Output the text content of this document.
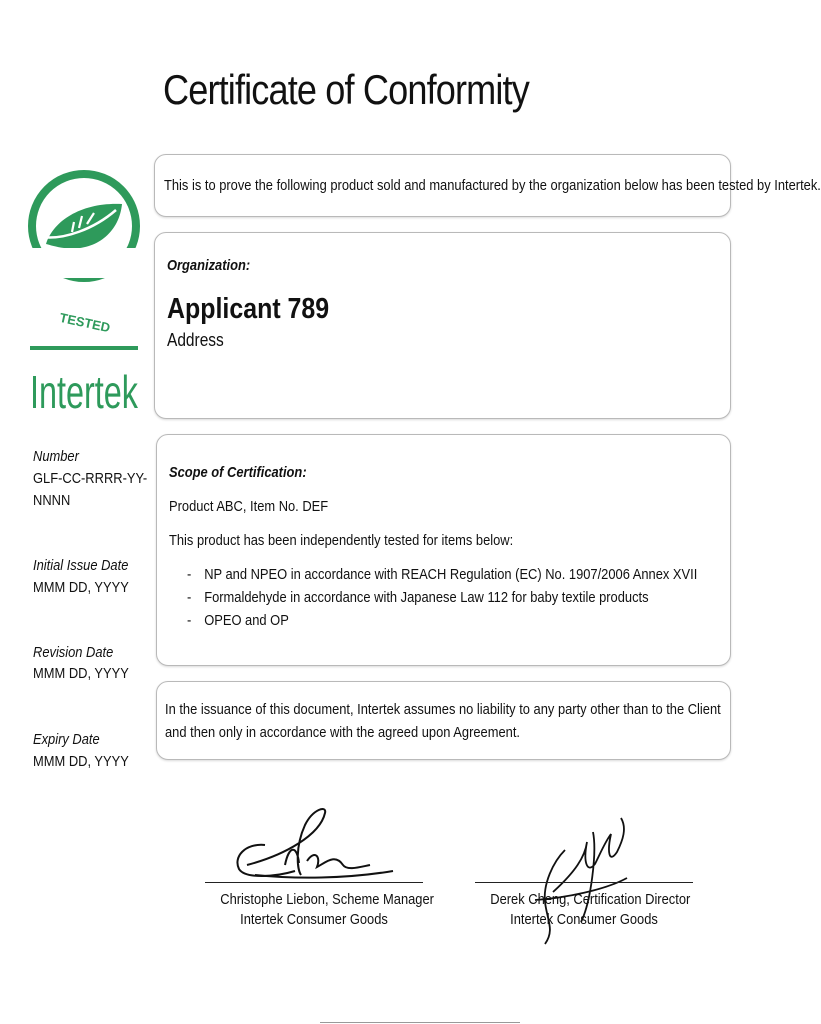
Certificate of Conformity
TESTED
Intertek
This is to prove the following product sold and manufactured by the organization below has been tested by Intertek.
Organization:
Applicant 789
Address
Scope of Certification:
Product ABC, Item No. DEF
This product has been independently tested for items below:
- NP and NPEO in accordance with REACH Regulation (EC) No. 1907/2006 Annex XVII
- Formaldehyde in accordance with Japanese Law 112 for baby textile products
- OPEO and OP
In the issuance of this document, Intertek assumes no liability to any party other than to the Client and then only in accordance with the agreed upon Agreement.
Number
GLF-CC-RRRR-YY-
NNNN
Initial Issue Date
MMM DD, YYYY
Revision Date
MMM DD, YYYY
Expiry Date
MMM DD, YYYY
Christophe Liebon, Scheme Manager
Intertek Consumer Goods
Derek Cheng, Certification Director
Intertek Consumer Goods
